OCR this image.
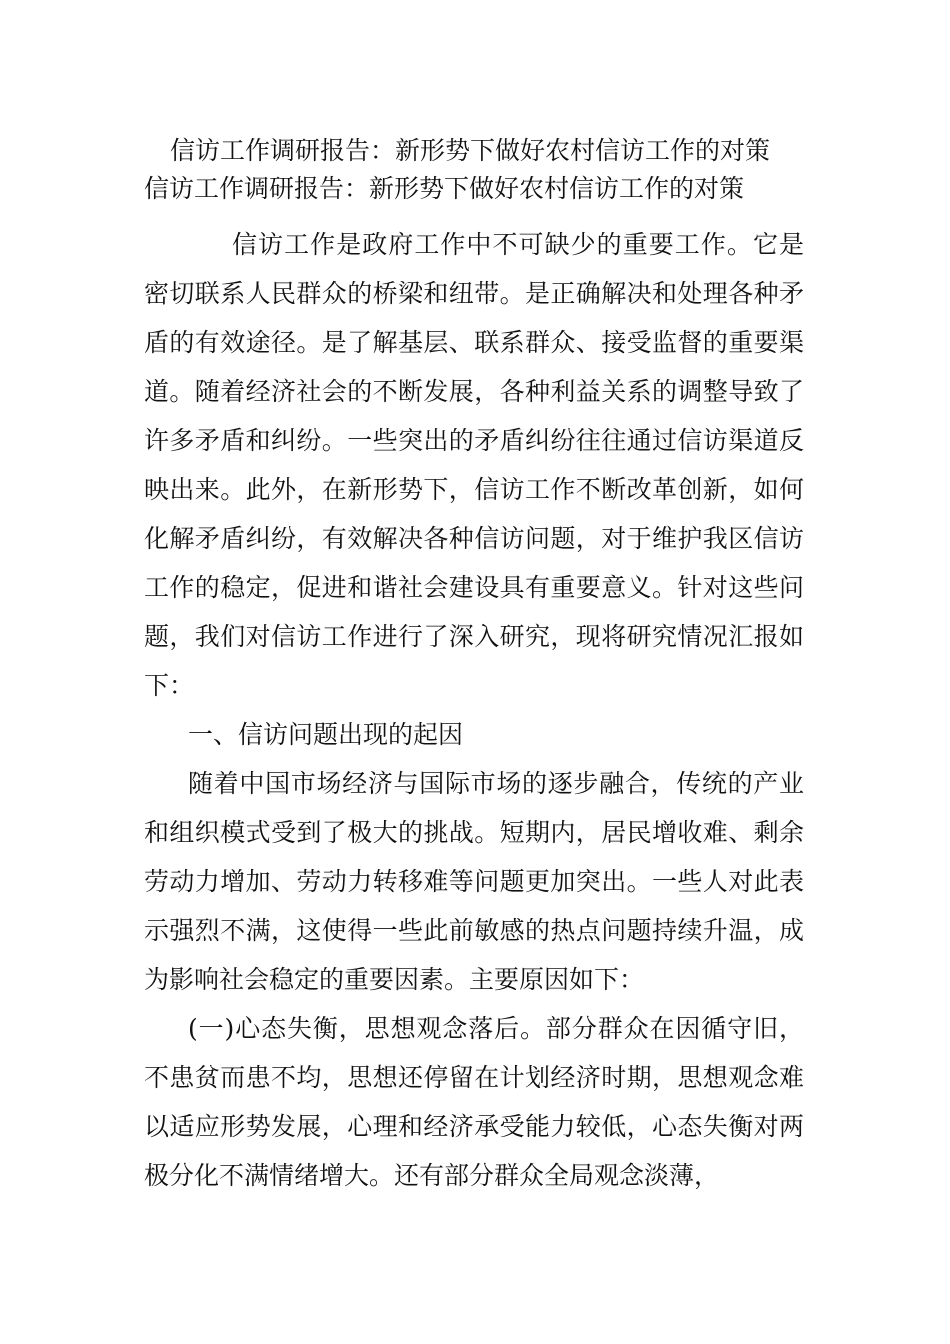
信访工作调研报告：新形势下做好农村信访工作的对策
信访工作调研报告：新形势下做好农村信访工作的对策

信访工作是政府工作中不可缺少的重要工作。它是密切联系人民群众的桥梁和纽带。是正确解决和处理各种矛盾的有效途径。是了解基层、联系群众、接受监督的重要渠道。随着经济社会的不断发展，各种利益关系的调整导致了许多矛盾和纠纷。一些突出的矛盾纠纷往往通过信访渠道反映出来。此外，在新形势下，信访工作不断改革创新，如何化解矛盾纠纷，有效解决各种信访问题，对于维护我区信访工作的稳定，促进和谐社会建设具有重要意义。针对这些问题，我们对信访工作进行了深入研究，现将研究情况汇报如下：

一、信访问题出现的起因

随着中国市场经济与国际市场的逐步融合，传统的产业和组织模式受到了极大的挑战。短期内，居民增收难、剩余劳动力增加、劳动力转移难等问题更加突出。一些人对此表示强烈不满，这使得一些此前敏感的热点问题持续升温，成为影响社会稳定的重要因素。主要原因如下：

(一)心态失衡，思想观念落后。部分群众在因循守旧，不患贫而患不均，思想还停留在计划经济时期，思想观念难以适应形势发展，心理和经济承受能力较低，心态失衡对两极分化不满情绪增大。还有部分群众全局观念淡薄，
